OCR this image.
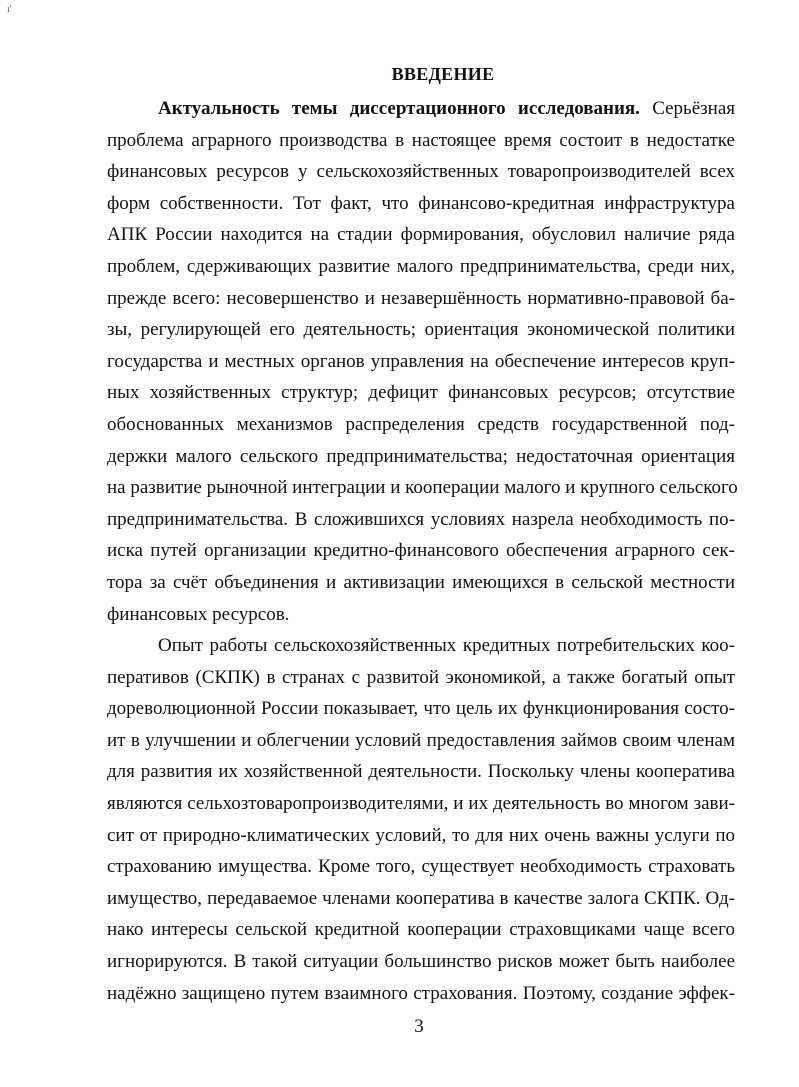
ı'
ВВЕДЕНИЕ

Актуальность темы диссертационного исследования. Серьёзная
проблема аграрного производства в настоящее время состоит в недостатке
финансовых ресурсов у сельскохозяйственных товаропроизводителей всех
форм собственности. Тот факт, что финансово-кредитная инфраструктура
АПК России находится на стадии формирования, обусловил наличие ряда
проблем, сдерживающих развитие малого предпринимательства, среди них,
прежде всего: несовершенство и незавершённость нормативно-правовой ба-
зы, регулирующей его деятельность; ориентация экономической политики
государства и местных органов управления на обеспечение интересов круп-
ных хозяйственных структур; дефицит финансовых ресурсов; отсутствие
обоснованных механизмов распределения средств государственной под-
держки малого сельского предпринимательства; недостаточная ориентация
на развитие рыночной интеграции и кооперации малого и крупного сельского
предпринимательства. В сложившихся условиях назрела необходимость по-
иска путей организации кредитно-финансового обеспечения аграрного сек-
тора за счёт объединения и активизации имеющихся в сельской местности
финансовых ресурсов.

Опыт работы сельскохозяйственных кредитных потребительских коо-
перативов (СКПК) в странах с развитой экономикой, а также богатый опыт
дореволюционной России показывает, что цель их функционирования состо-
ит в улучшении и облегчении условий предоставления займов своим членам
для развития их хозяйственной деятельности. Поскольку члены кооператива
являются сельхозтоваропроизводителями, и их деятельность во многом зави-
сит от природно-климатических условий, то для них очень важны услуги по
страхованию имущества. Кроме того, существует необходимость страховать
имущество, передаваемое членами кооператива в качестве залога СКПК. Од-
нако интересы сельской кредитной кооперации страховщиками чаще всего
игнорируются. В такой ситуации большинство рисков может быть наиболее
надёжно защищено путем взаимного страхования. Поэтому, создание эффек-

3
